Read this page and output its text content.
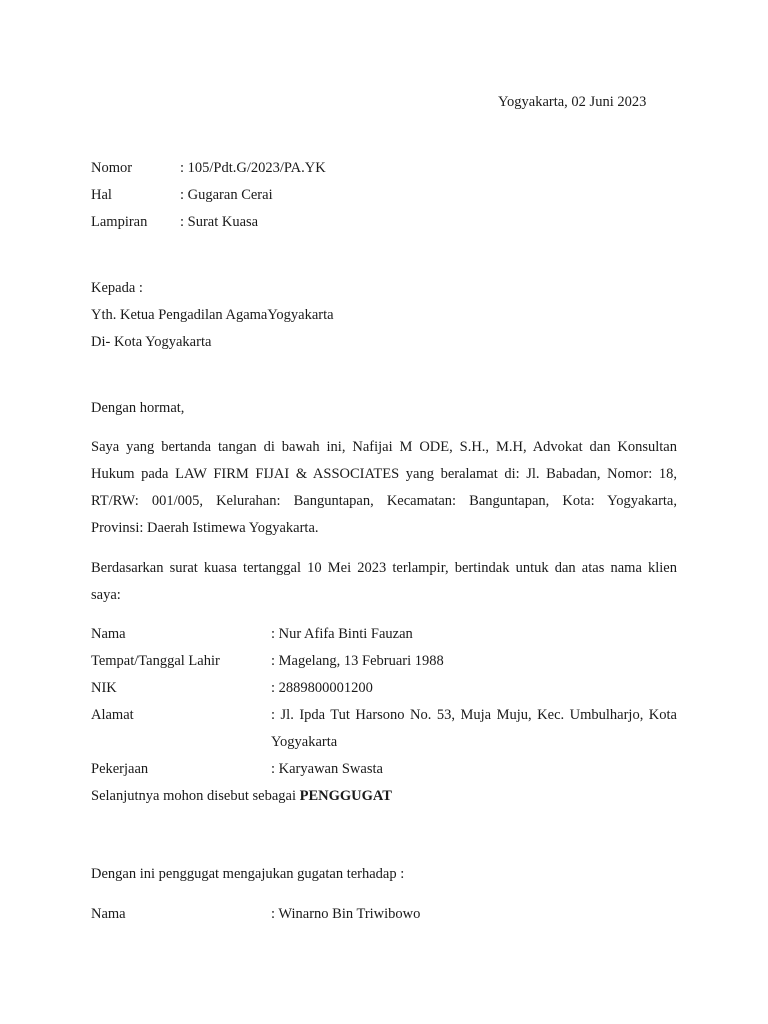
Yogyakarta, 02 Juni 2023
Nomor	: 105/Pdt.G/2023/PA.YK
Hal	: Gugaran Cerai
Lampiran : Surat Kuasa
Kepada :
Yth. Ketua Pengadilan AgamaYogyakarta
Di- Kota Yogyakarta
Dengan hormat,
Saya yang bertanda tangan di bawah ini, Nafijai M ODE, S.H., M.H, Advokat dan Konsultan
Hukum pada LAW FIRM FIJAI & ASSOCIATES yang beralamat di: Jl. Babadan, Nomor: 18,
RT/RW: 001/005, Kelurahan: Banguntapan, Kecamatan: Banguntapan, Kota: Yogyakarta,
Provinsi: Daerah Istimewa Yogyakarta.
Berdasarkan surat kuasa tertanggal 10 Mei 2023 terlampir, bertindak untuk dan atas nama klien
saya:
Nama	: Nur Afifa Binti Fauzan
Tempat/Tanggal Lahir	: Magelang, 13 Februari 1988
NIK	: 2889800001200
Alamat	: Jl. Ipda Tut Harsono No. 53, Muja Muju, Kec. Umbulharjo, Kota
Yogyakarta
Pekerjaan	: Karyawan Swasta
Selanjutnya mohon disebut sebagai PENGGUGAT
Dengan ini penggugat mengajukan gugatan terhadap :
Nama	: Winarno Bin Triwibowo
